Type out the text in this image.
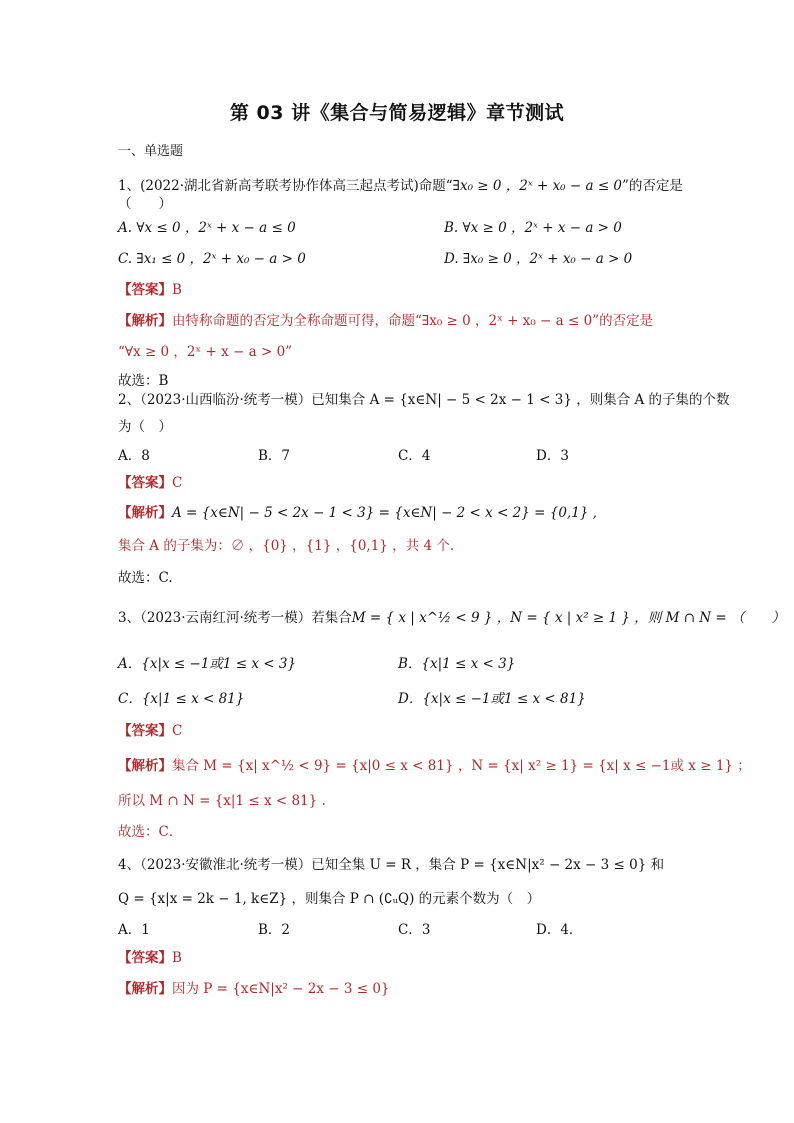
第 03 讲《集合与简易逻辑》章节测试
一、单选题
1、(2022·湖北省新高考联考协作体高三起点考试)命题“∃x₀ ≥ 0 ，2ˣ + x₀ − a ≤ 0”的否定是
（　　）
A. ∀x ≤ 0 ，2ˣ + x − a ≤ 0	B. ∀x ≥ 0 ，2ˣ + x − a > 0
C. ∃x₁ ≤ 0 ，2ˣ + x₀ − a > 0	D. ∃x₀ ≥ 0 ，2ˣ + x₀ − a > 0
【答案】B
【解析】由特称命题的否定为全称命题可得，命题“∃x₀ ≥ 0 ，2ˣ + x₀ − a ≤ 0”的否定是
“∀x ≥ 0 ，2ˣ + x − a > 0”
故选：B
2、（2023·山西临汾·统考一模）已知集合 A = {x∈N| − 5 < 2x − 1 < 3} ，则集合 A 的子集的个数
为（　）
A．8	B．7	C．4	D．3
【答案】C
【解析】A = {x∈N| − 5 < 2x − 1 < 3} = {x∈N| − 2 < x < 2} = {0,1} ,
集合 A 的子集为：∅ ，{0} ，{1} ，{0,1} ，共 4 个.
故选：C.
3、（2023·云南红河·统考一模）若集合M = { x | x^½ < 9 } ，N = { x | x² ≥ 1 } ，则 M ∩ N = （　　）
A．{x|x ≤ −1或1 ≤ x < 3}	B．{x|1 ≤ x < 3}
C．{x|1 ≤ x < 81}	D．{x|x ≤ −1或1 ≤ x < 81}
【答案】C
【解析】集合 M = {x| x^½ < 9} = {x|0 ≤ x < 81} ，N = {x| x² ≥ 1} = {x| x ≤ −1或 x ≥ 1} ；
所以 M ∩ N = {x|1 ≤ x < 81} .
故选：C．
4、（2023·安徽淮北·统考一模）已知全集 U = R ，集合 P = {x∈N|x² − 2x − 3 ≤ 0} 和
Q = {x|x = 2k − 1, k∈Z} ，则集合 P ∩ (∁ᵤQ) 的元素个数为（　）
A．1	B．2	C．3	D．4．
【答案】B
【解析】因为 P = {x∈N|x² − 2x − 3 ≤ 0}
